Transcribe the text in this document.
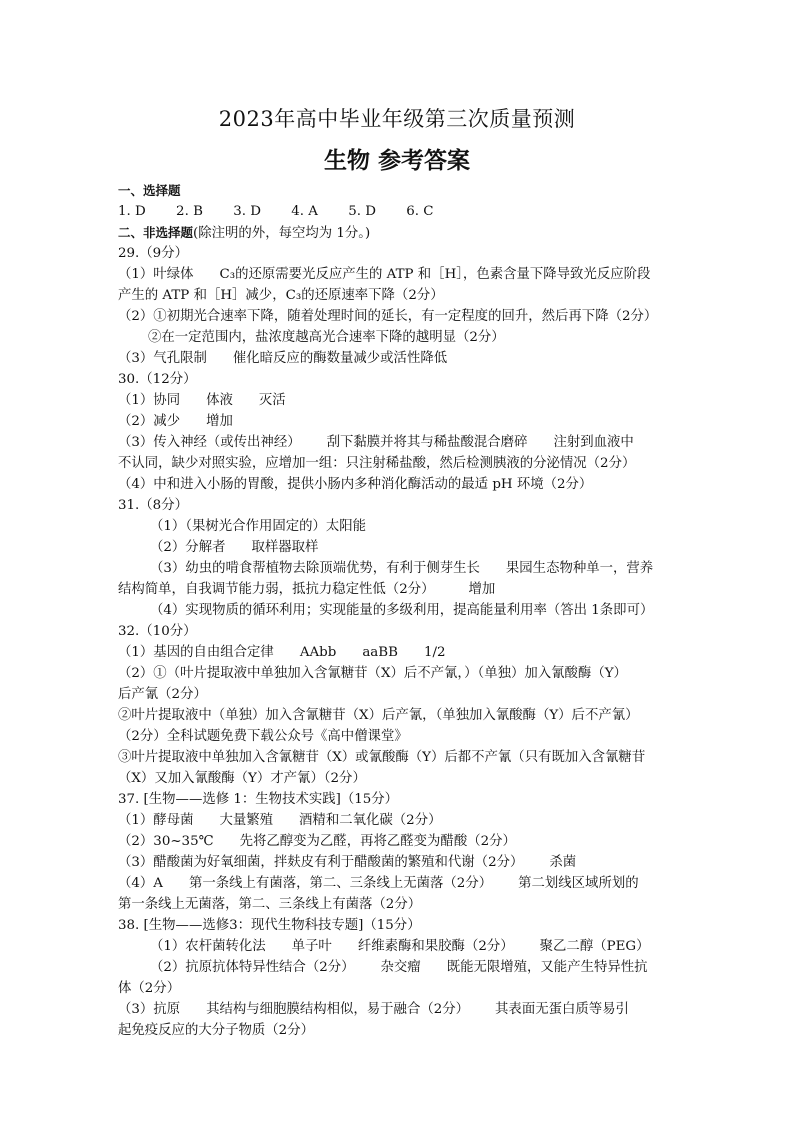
2023年高中毕业年级第三次质量预测
生物 参考答案
一、选择题
1. D 2. B 3. D 4. A 5. D 6. C
二、非选择题(除注明的外，每空均为 1分。)
29.（9分）
（1）叶绿体 C₃的还原需要光反应产生的 ATP 和［H］，色素含量下降导致光反应阶段
产生的 ATP 和［H］减少，C₃的还原速率下降（2分）
（2）①初期光合速率下降，随着处理时间的延长，有一定程度的回升，然后再下降（2分）
②在一定范围内，盐浓度越高光合速率下降的越明显（2分）
（3）气孔限制 催化暗反应的酶数量减少或活性降低
30.（12分）
（1）协同 体液 灭活
（2）减少 增加
（3）传入神经（或传出神经） 刮下黏膜并将其与稀盐酸混合磨碎 注射到血液中
不认同，缺少对照实验，应增加一组：只注射稀盐酸，然后检测胰液的分泌情况（2分）
（4）中和进入小肠的胃酸，提供小肠内多种消化酶活动的最适 pH 环境（2分）
31.（8分）
（1）（果树光合作用固定的）太阳能
（2）分解者 取样器取样
（3）幼虫的啃食帮植物去除顶端优势，有利于侧芽生长 果园生态物种单一，营养
结构简单，自我调节能力弱，抵抗力稳定性低（2分）	增加
（4）实现物质的循环利用；实现能量的多级利用，提高能量利用率（答出 1条即可）
32.（10分）
（1）基因的自由组合定律 AAbb aaBB 1/2
（2）①（叶片提取液中单独加入含氰糖苷（X）后不产氰，）（单独）加入氰酸酶（Y）
后产氰（2分）
②叶片提取液中（单独）加入含氰糖苷（X）后产氰，（单独加入氰酸酶（Y）后不产氰）
（2分）全科试题免费下载公众号《高中僧课堂》
③叶片提取液中单独加入含氰糖苷（X）或氰酸酶（Y）后都不产氰（只有既加入含氰糖苷
（X）又加入氰酸酶（Y）才产氰）（2分）
37. [生物——选修 1：生物技术实践]（15分）
（1）酵母菌 大量繁殖 酒精和二氧化碳（2分）
（2）30~35℃ 先将乙醇变为乙醛，再将乙醛变为醋酸（2分）
（3）醋酸菌为好氧细菌，拌麸皮有利于醋酸菌的繁殖和代谢（2分） 杀菌
（4）A 第一条线上有菌落，第二、三条线上无菌落（2分） 第二划线区域所划的
第一条线上无菌落，第二、三条线上有菌落（2分）
38. [生物——选修3：现代生物科技专题]（15分）
（1）农杆菌转化法 单子叶 纤维素酶和果胶酶（2分） 聚乙二醇（PEG）
（2）抗原抗体特异性结合（2分） 杂交瘤 既能无限增殖，又能产生特异性抗
体（2分）
（3）抗原 其结构与细胞膜结构相似，易于融合（2分） 其表面无蛋白质等易引
起免疫反应的大分子物质（2分）
